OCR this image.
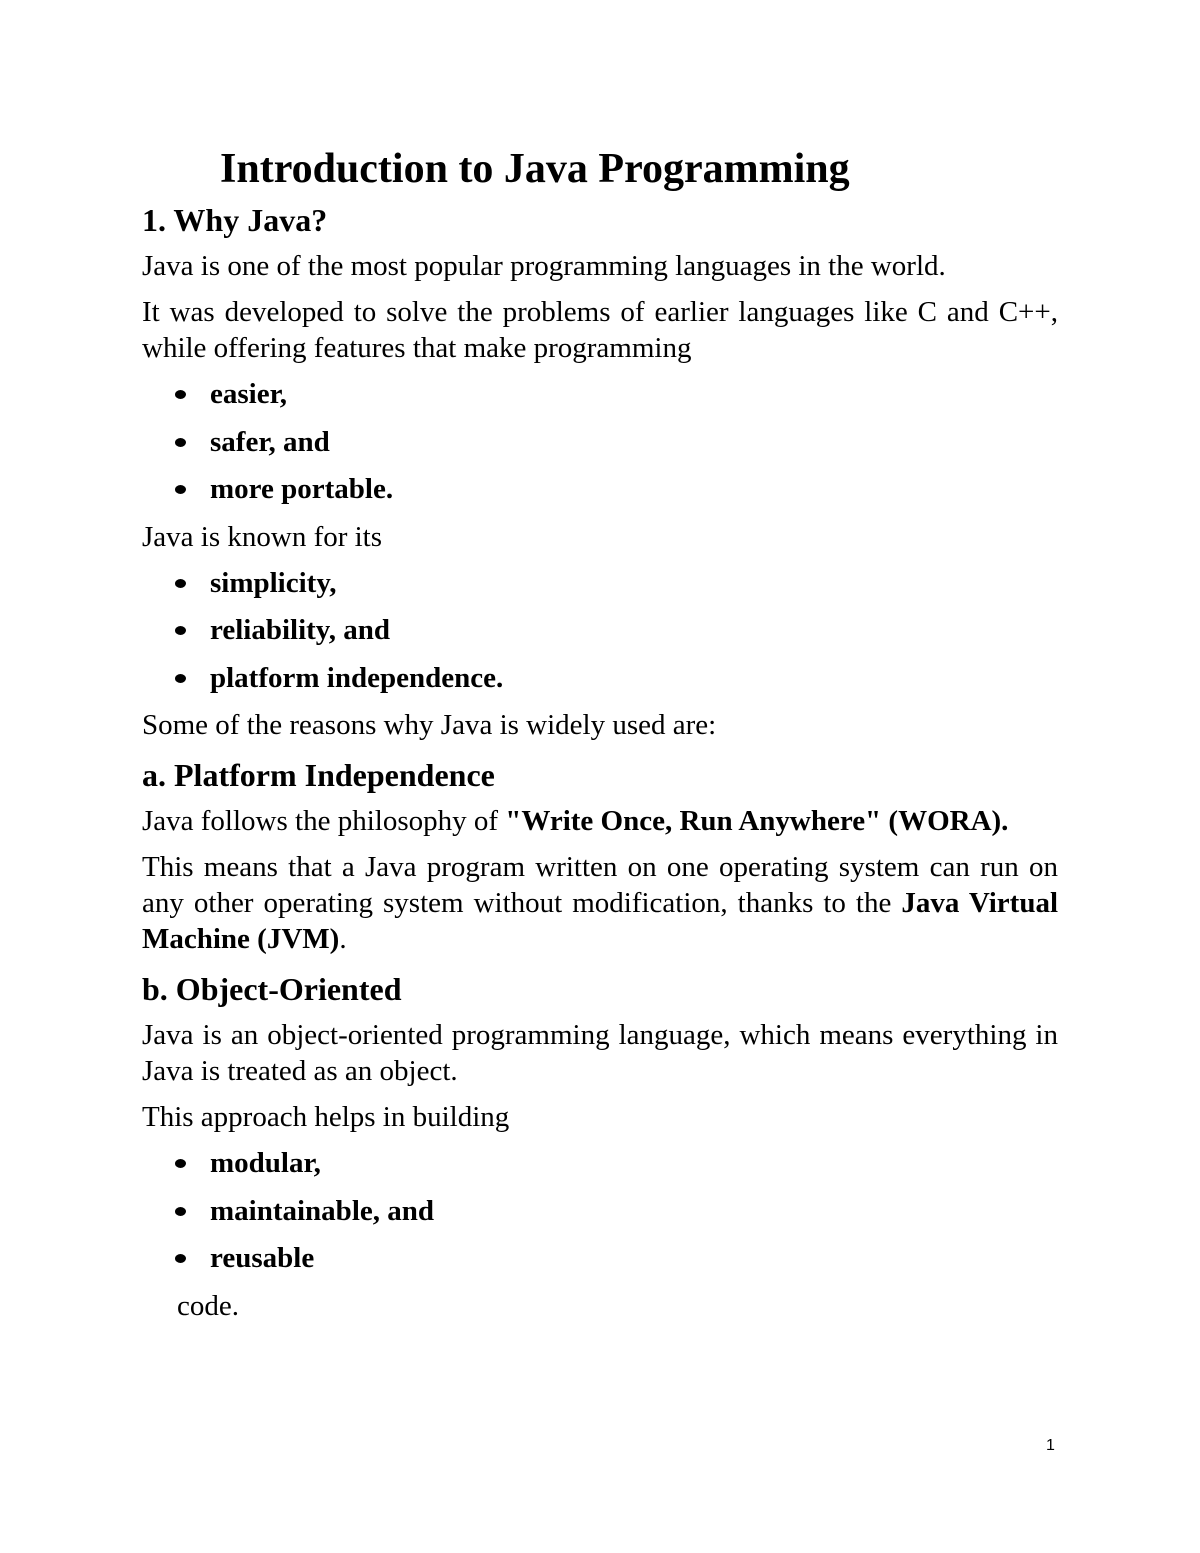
Introduction to Java Programming
1. Why Java?

Java is one of the most popular programming languages in the world.

It was developed to solve the problems of earlier languages like C and C++, while offering features that make programming

easier,
safer, and
more portable.

Java is known for its

simplicity,
reliability, and
platform independence.

Some of the reasons why Java is widely used are:

a. Platform Independence

Java follows the philosophy of "Write Once, Run Anywhere" (WORA).

This means that a Java program written on one operating system can run on any other operating system without modification, thanks to the Java Virtual Machine (JVM).

b. Object-Oriented

Java is an object-oriented programming language, which means everything in Java is treated as an object.

This approach helps in building

modular,
maintainable, and
reusable

code.

1
